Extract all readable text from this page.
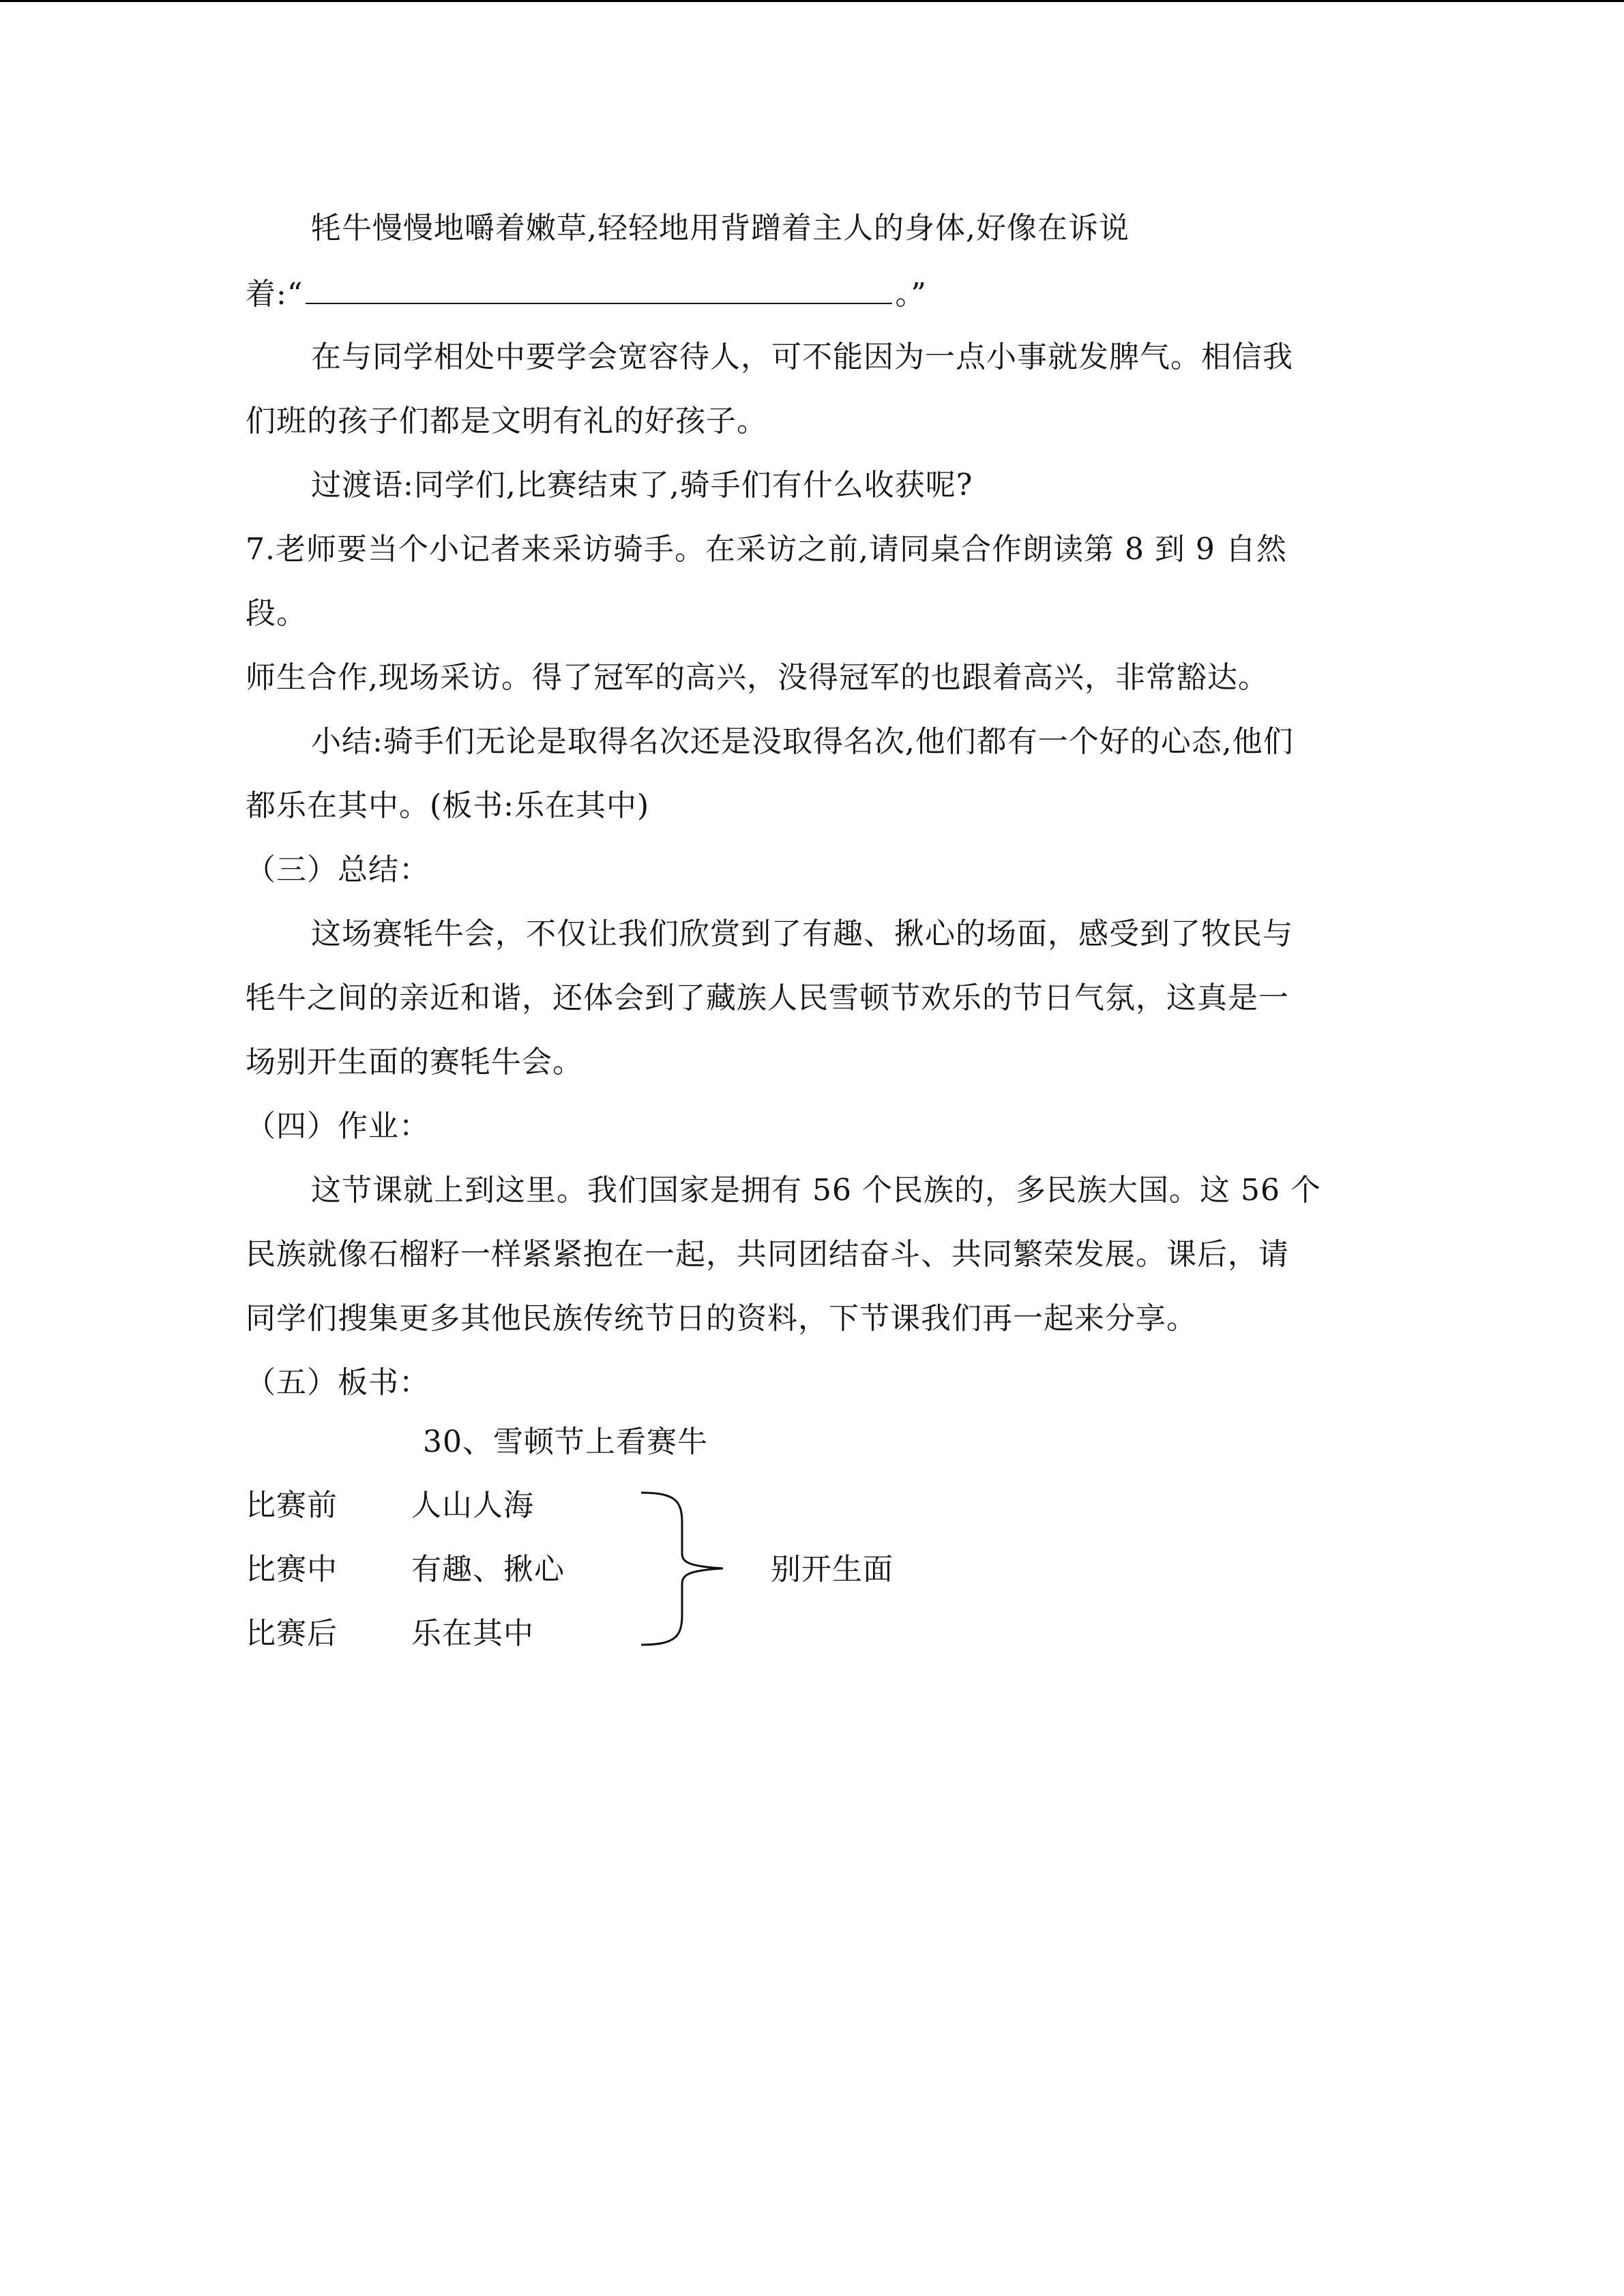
牦牛慢慢地嚼着嫩草,轻轻地用背蹭着主人的身体,好像在诉说
着:“	。”
在与同学相处中要学会宽容待人，可不能因为一点小事就发脾气。相信我
们班的孩子们都是文明有礼的好孩子。
过渡语:同学们,比赛结束了,骑手们有什么收获呢?
7.老师要当个小记者来采访骑手。在采访之前,请同桌合作朗读第 8 到 9 自然
段。
师生合作,现场采访。得了冠军的高兴，没得冠军的也跟着高兴，非常豁达。
小结:骑手们无论是取得名次还是没取得名次,他们都有一个好的心态,他们
都乐在其中。(板书:乐在其中)
（三）总结：
这场赛牦牛会，不仅让我们欣赏到了有趣、揪心的场面，感受到了牧民与
牦牛之间的亲近和谐，还体会到了藏族人民雪顿节欢乐的节日气氛，这真是一
场别开生面的赛牦牛会。
（四）作业：
这节课就上到这里。我们国家是拥有 56 个民族的，多民族大国。这 56 个
民族就像石榴籽一样紧紧抱在一起，共同团结奋斗、共同繁荣发展。课后，请
同学们搜集更多其他民族传统节日的资料，下节课我们再一起来分享。
（五）板书：
30、雪顿节上看赛牛
比赛前 人山人海
比赛中 有趣、揪心
比赛后 乐在其中
别开生面
